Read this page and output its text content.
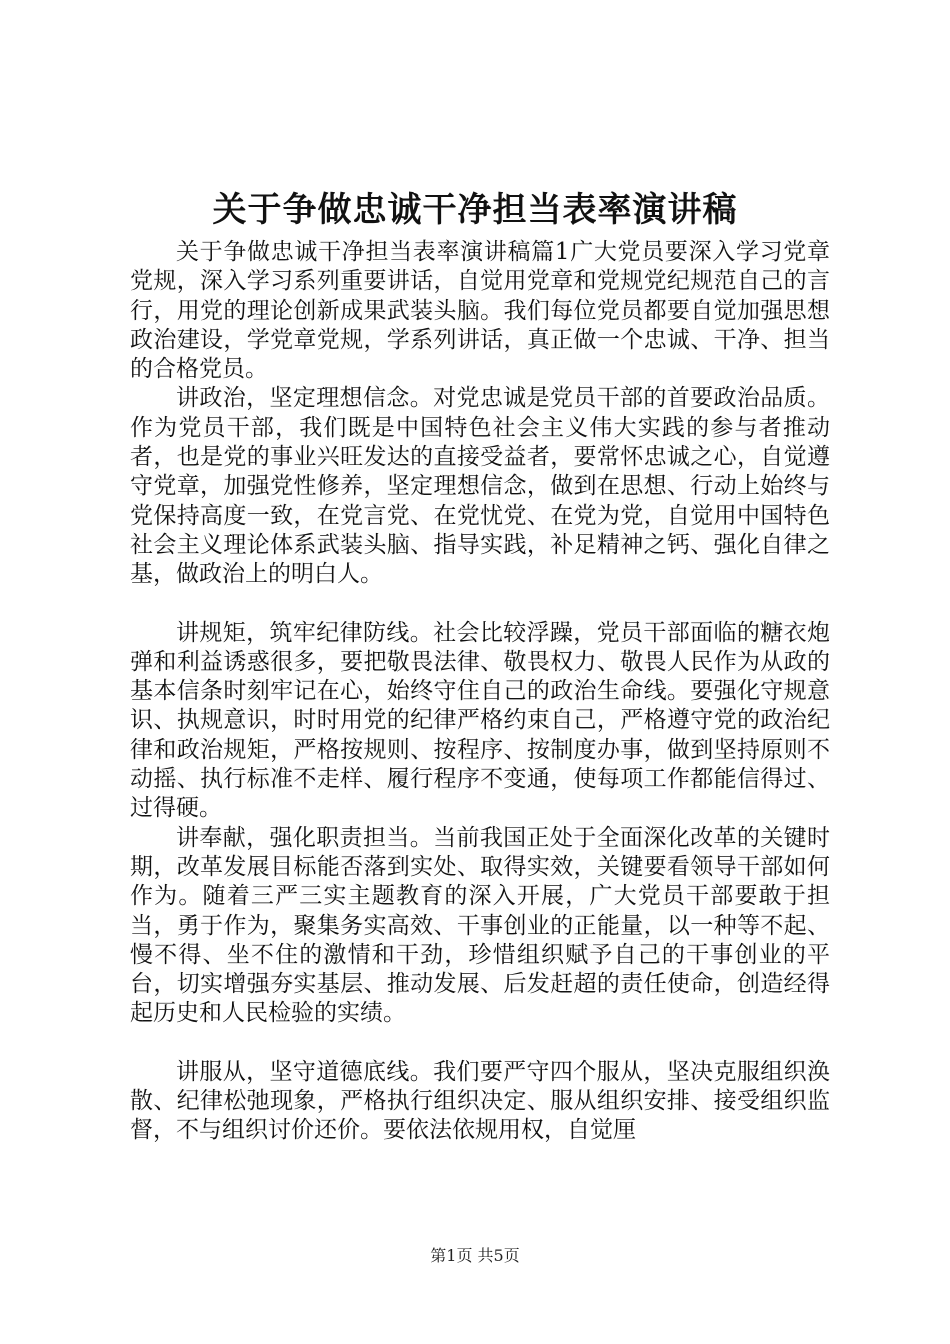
关于争做忠诚干净担当表率演讲稿

关于争做忠诚干净担当表率演讲稿篇1广大党员要深入学习党章党规，深入学习系列重要讲话，自觉用党章和党规党纪规范自己的言行，用党的理论创新成果武装头脑。我们每位党员都要自觉加强思想政治建设，学党章党规，学系列讲话，真正做一个忠诚、干净、担当的合格党员。

讲政治，坚定理想信念。对党忠诚是党员干部的首要政治品质。作为党员干部，我们既是中国特色社会主义伟大实践的参与者推动者，也是党的事业兴旺发达的直接受益者，要常怀忠诚之心，自觉遵守党章，加强党性修养，坚定理想信念，做到在思想、行动上始终与党保持高度一致，在党言党、在党忧党、在党为党，自觉用中国特色社会主义理论体系武装头脑、指导实践，补足精神之钙、强化自律之基，做政治上的明白人。

讲规矩，筑牢纪律防线。社会比较浮躁，党员干部面临的糖衣炮弹和利益诱惑很多，要把敬畏法律、敬畏权力、敬畏人民作为从政的基本信条时刻牢记在心，始终守住自己的政治生命线。要强化守规意识、执规意识，时时用党的纪律严格约束自己，严格遵守党的政治纪律和政治规矩，严格按规则、按程序、按制度办事，做到坚持原则不动摇、执行标准不走样、履行程序不变通，使每项工作都能信得过、过得硬。

讲奉献，强化职责担当。当前我国正处于全面深化改革的关键时期，改革发展目标能否落到实处、取得实效，关键要看领导干部如何作为。随着三严三实主题教育的深入开展，广大党员干部要敢于担当，勇于作为，聚集务实高效、干事创业的正能量，以一种等不起、慢不得、坐不住的激情和干劲，珍惜组织赋予自己的干事创业的平台，切实增强夯实基层、推动发展、后发赶超的责任使命，创造经得起历史和人民检验的实绩。

讲服从，坚守道德底线。我们要严守四个服从，坚决克服组织涣散、纪律松弛现象，严格执行组织决定、服从组织安排、接受组织监督，不与组织讨价还价。要依法依规用权，自觉厘

第1页 共5页
